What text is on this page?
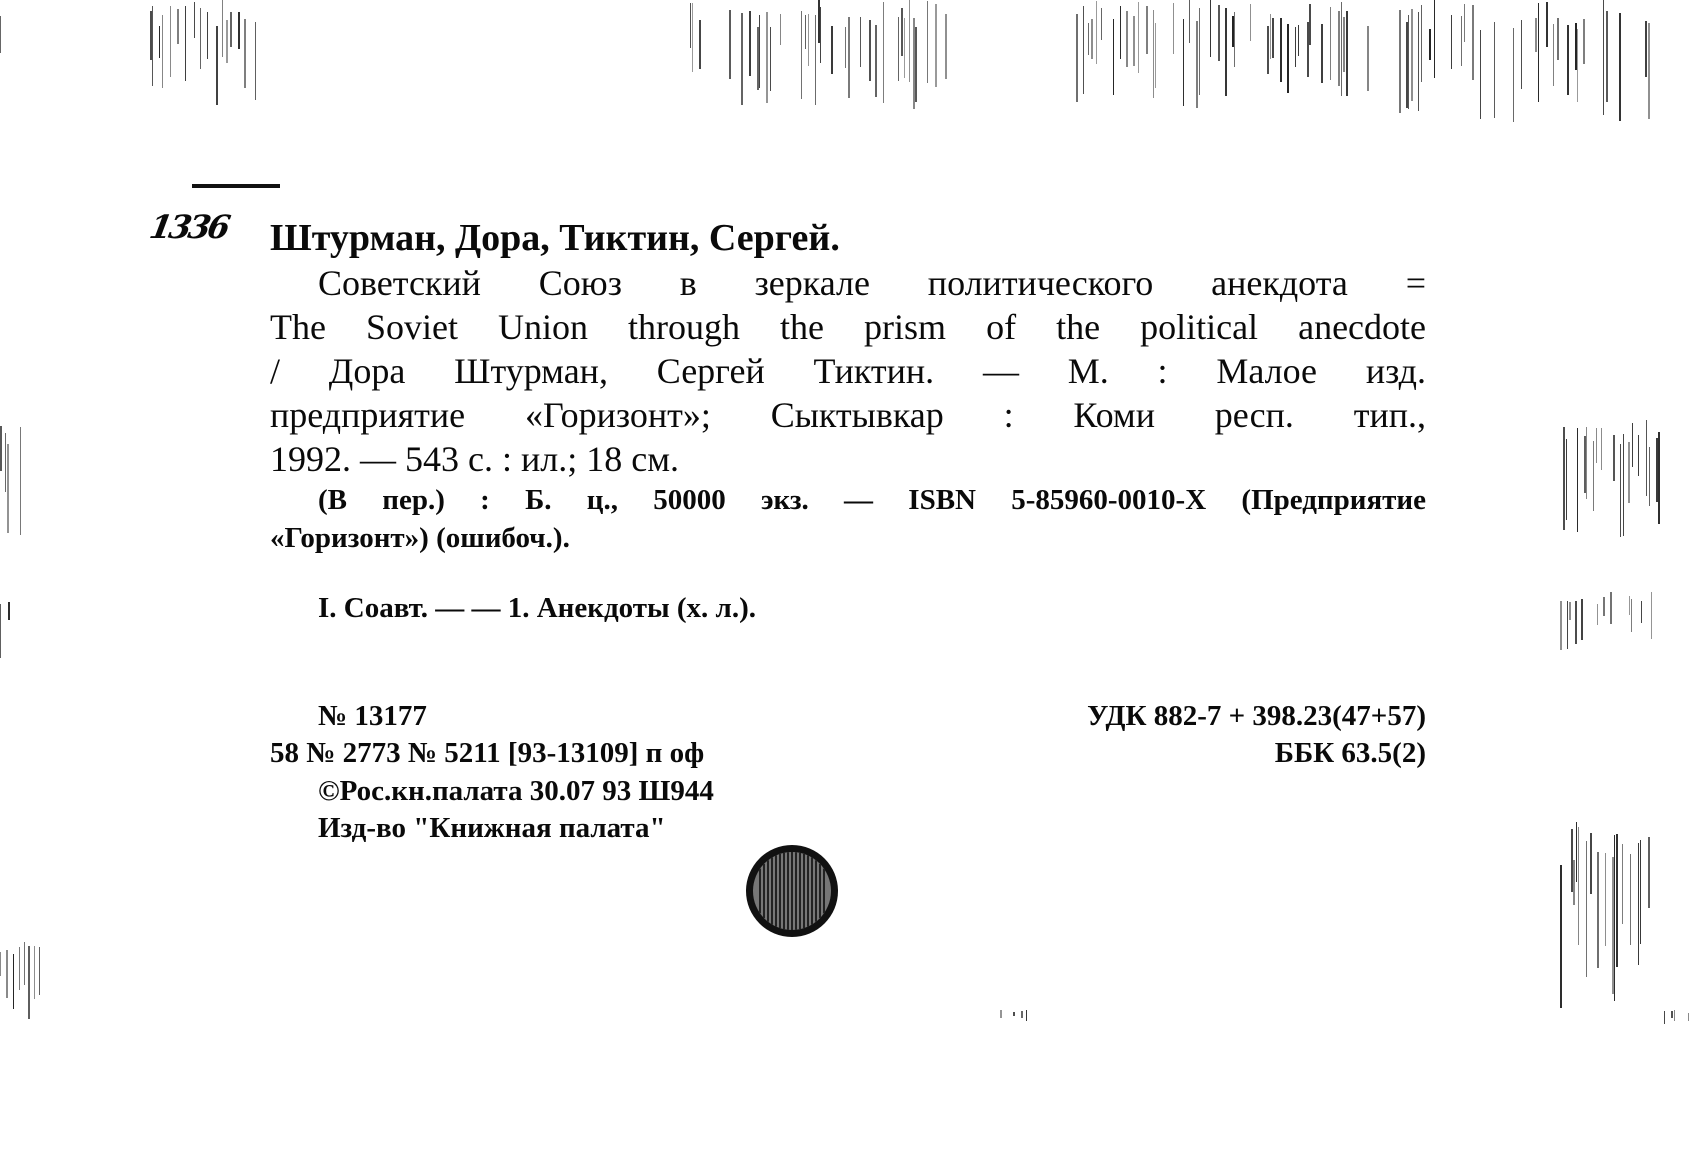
1336 Штурман, Дора, Тиктин, Сергей.
Советский Союз в зеркале политического анекдота =
The Soviet Union through the prism of the political anecdote
/ Дора Штурман, Сергей Тиктин. — М. : Малое изд.
предприятие «Горизонт»; Сыктывкар : Коми респ. тип.,
1992. — 543 с. : ил.; 18 см.
(В пер.) : Б. ц., 50000 экз. — ISBN 5-85960-0010-X (Предприятие
«Горизонт») (ошибоч.).
I. Соавт. — — 1. Анекдоты (х. л.).
№ 13177
58 № 2773 № 5211 [93-13109] п оф
©Рос.кн.палата 30.07 93 Ш944
Изд-во "Книжная палата"
УДК 882-7 + 398.23(47+57)
ББК 63.5(2)
